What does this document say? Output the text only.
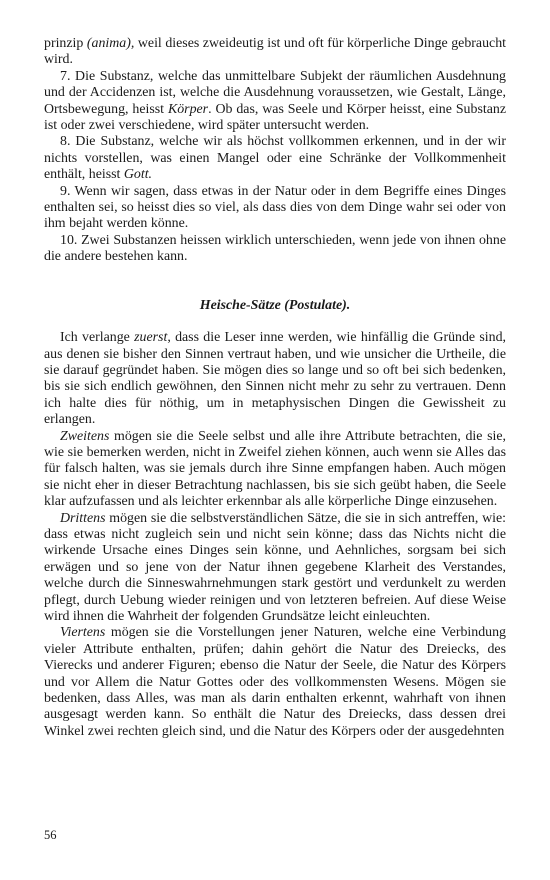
prinzip (anima), weil dieses zweideutig ist und oft für körperliche Dinge gebraucht wird.

7. Die Substanz, welche das unmittelbare Subjekt der räumlichen Ausdehnung und der Accidenzen ist, welche die Ausdehnung voraussetzen, wie Gestalt, Länge, Ortsbewegung, heisst Körper. Ob das, was Seele und Körper heisst, eine Substanz ist oder zwei verschiedene, wird später untersucht werden.

8. Die Substanz, welche wir als höchst vollkommen erkennen, und in der wir nichts vorstellen, was einen Mangel oder eine Schränke der Vollkommenheit enthält, heisst Gott.

9. Wenn wir sagen, dass etwas in der Natur oder in dem Begriffe eines Dinges enthalten sei, so heisst dies so viel, als dass dies von dem Dinge wahr sei oder von ihm bejaht werden könne.

10. Zwei Substanzen heissen wirklich unterschieden, wenn jede von ihnen ohne die andere bestehen kann.

Heische-Sätze (Postulate).

Ich verlange zuerst, dass die Leser inne werden, wie hinfällig die Gründe sind, aus denen sie bisher den Sinnen vertraut haben, und wie unsicher die Urtheile, die sie darauf gegründet haben. Sie mögen dies so lange und so oft bei sich bedenken, bis sie sich endlich gewöhnen, den Sinnen nicht mehr zu sehr zu vertrauen. Denn ich halte dies für nöthig, um in metaphysischen Dingen die Gewissheit zu erlangen.

Zweitens mögen sie die Seele selbst und alle ihre Attribute betrachten, die sie, wie sie bemerken werden, nicht in Zweifel ziehen können, auch wenn sie Alles das für falsch halten, was sie jemals durch ihre Sinne empfangen haben. Auch mögen sie nicht eher in dieser Betrachtung nachlassen, bis sie sich geübt haben, die Seele klar aufzufassen und als leichter erkennbar als alle körperliche Dinge einzusehen.

Drittens mögen sie die selbstverständlichen Sätze, die sie in sich antreffen, wie: dass etwas nicht zugleich sein und nicht sein könne; dass das Nichts nicht die wirkende Ursache eines Dinges sein könne, und Aehnliches, sorgsam bei sich erwägen und so jene von der Natur ihnen gegebene Klarheit des Verstandes, welche durch die Sinneswahrnehmungen stark gestört und verdunkelt zu werden pflegt, durch Uebung wieder reinigen und von letzteren befreien. Auf diese Weise wird ihnen die Wahrheit der folgenden Grundsätze leicht einleuchten.

Viertens mögen sie die Vorstellungen jener Naturen, welche eine Verbindung vieler Attribute enthalten, prüfen; dahin gehört die Natur des Dreiecks, des Vierecks und anderer Figuren; ebenso die Natur der Seele, die Natur des Körpers und vor Allem die Natur Gottes oder des vollkommensten Wesens. Mögen sie bedenken, dass Alles, was man als darin enthalten erkennt, wahrhaft von ihnen ausgesagt werden kann. So enthält die Natur des Dreiecks, dass dessen drei Winkel zwei rechten gleich sind, und die Natur des Körpers oder der ausgedehnten

56
